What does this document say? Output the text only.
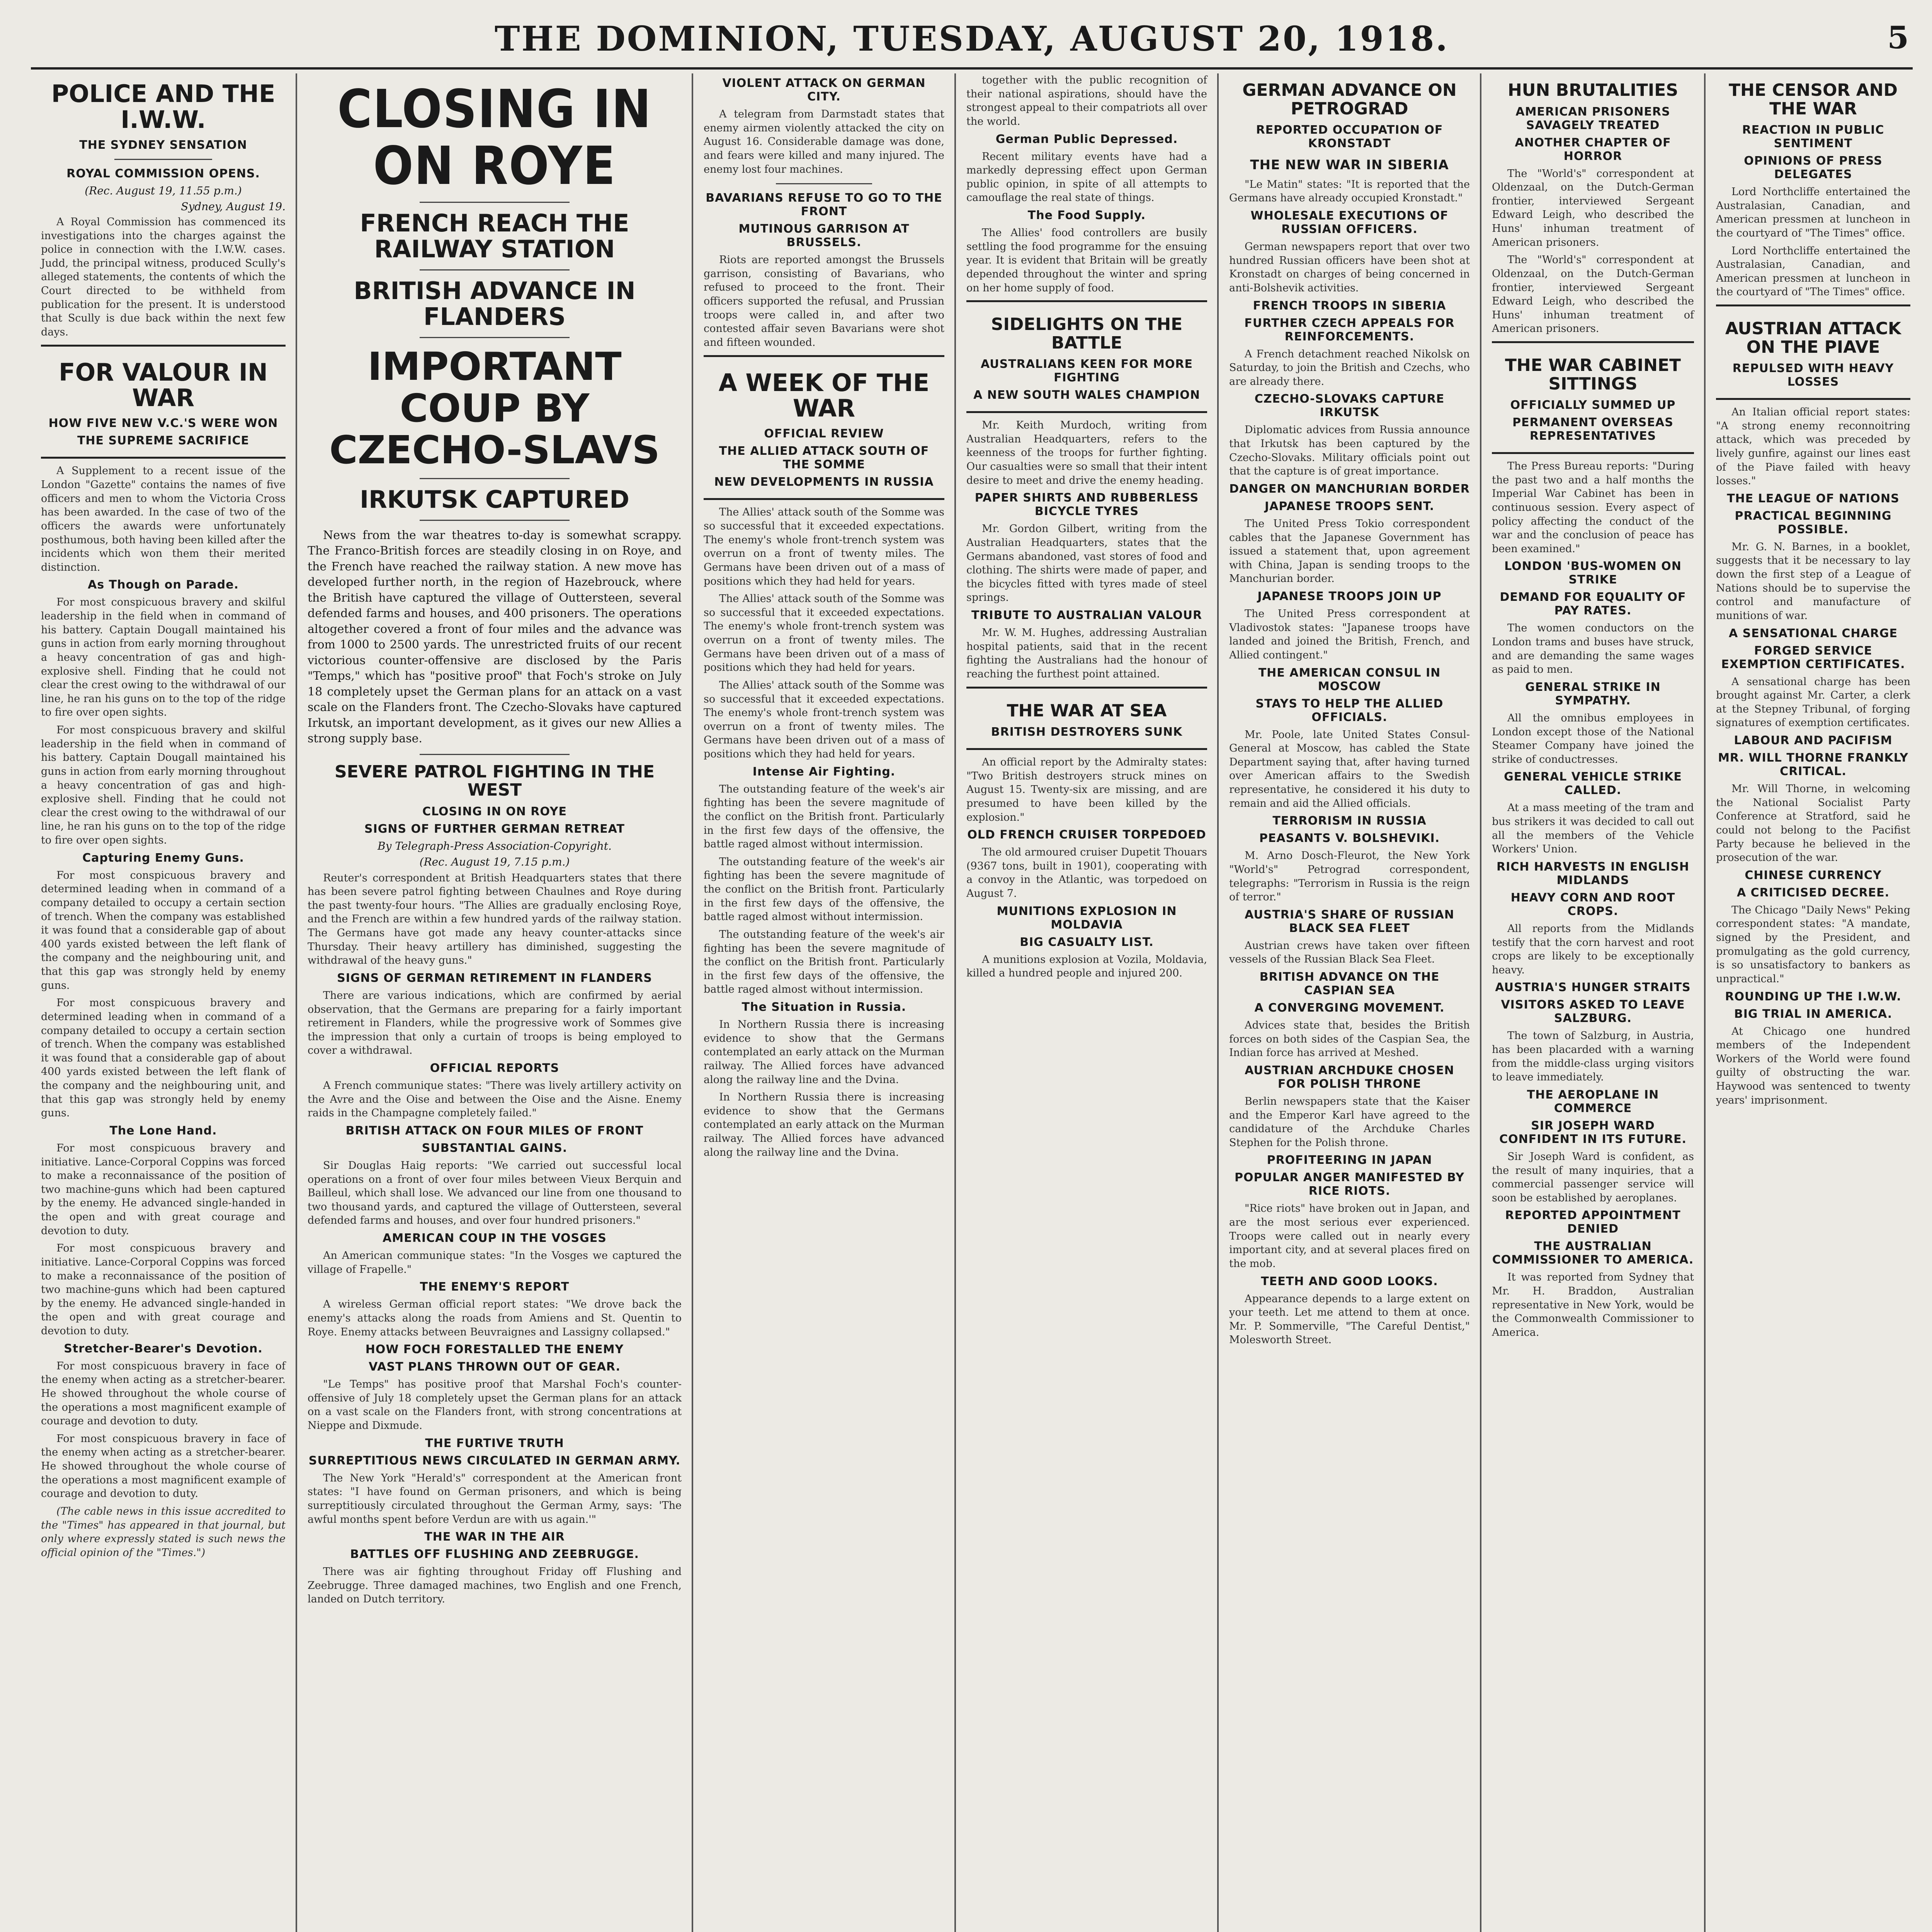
THE DOMINION, TUESDAY, AUGUST 20, 1918.	5
POLICE AND THE I.W.W.
THE SYDNEY SENSATION
ROYAL COMMISSION OPENS.
(Rec. August 19, 11.55 p.m.)
Sydney, August 19.

A Royal Commission has commenced its investigations into the charges against the police in connection with the I.W.W. cases. Judd, the principal witness, produced Scully's alleged statements, the contents of which the Court directed to be withheld from publication for the present. It is understood that Scully is due back within the next few days.

FOR VALOUR IN WAR
HOW FIVE NEW V.C.'S WERE WON
THE SUPREME SACRIFICE

A Supplement to a recent issue of the London "Gazette" contains the names of five officers and men to whom the Victoria Cross has been awarded. In the case of two of the officers the awards were unfortunately posthumous, both having been killed after the incidents which won them their merited distinction.

As Though on Parade.

For most conspicuous bravery and skilful leadership in the field when in command of his battery. Captain Dougall maintained his guns in action from early morning throughout a heavy concentration of gas and high-explosive shell. Finding that he could not clear the crest owing to the withdrawal of our line, he ran his guns on to the top of the ridge to fire over open sights.

For most conspicuous bravery and skilful leadership in the field when in command of his battery. Captain Dougall maintained his guns in action from early morning throughout a heavy concentration of gas and high-explosive shell. Finding that he could not clear the crest owing to the withdrawal of our line, he ran his guns on to the top of the ridge to fire over open sights.

Capturing Enemy Guns.

For most conspicuous bravery and determined leading when in command of a company detailed to occupy a certain section of trench. When the company was established it was found that a considerable gap of about 400 yards existed between the left flank of the company and the neighbouring unit, and that this gap was strongly held by enemy guns.

For most conspicuous bravery and determined leading when in command of a company detailed to occupy a certain section of trench. When the company was established it was found that a considerable gap of about 400 yards existed between the left flank of the company and the neighbouring unit, and that this gap was strongly held by enemy guns.

The Lone Hand.

For most conspicuous bravery and initiative. Lance-Corporal Coppins was forced to make a reconnaissance of the position of two machine-guns which had been captured by the enemy. He advanced single-handed in the open and with great courage and devotion to duty.

For most conspicuous bravery and initiative. Lance-Corporal Coppins was forced to make a reconnaissance of the position of two machine-guns which had been captured by the enemy. He advanced single-handed in the open and with great courage and devotion to duty.

Stretcher-Bearer's Devotion.

For most conspicuous bravery in face of the enemy when acting as a stretcher-bearer. He showed throughout the whole course of the operations a most magnificent example of courage and devotion to duty.

For most conspicuous bravery in face of the enemy when acting as a stretcher-bearer. He showed throughout the whole course of the operations a most magnificent example of courage and devotion to duty.

(The cable news in this issue accredited to the "Times" has appeared in that journal, but only where expressly stated is such news the official opinion of the "Times.")

CLOSING IN ON ROYE
FRENCH REACH THE RAILWAY STATION
BRITISH ADVANCE IN FLANDERS
IMPORTANT COUP BY CZECHO-SLAVS
IRKUTSK CAPTURED

News from the war theatres to-day is somewhat scrappy. The Franco-British forces are steadily closing in on Roye, and the French have reached the railway station. A new move has developed further north, in the region of Hazebrouck, where the British have captured the village of Outtersteen, several defended farms and houses, and 400 prisoners. The operations altogether covered a front of four miles and the advance was from 1000 to 2500 yards. The unrestricted fruits of our recent victorious counter-offensive are disclosed by the Paris "Temps," which has "positive proof" that Foch's stroke on July 18 completely upset the German plans for an attack on a vast scale on the Flanders front. The Czecho-Slovaks have captured Irkutsk, an important development, as it gives our new Allies a strong supply base.

SEVERE PATROL FIGHTING IN THE WEST
CLOSING IN ON ROYE
SIGNS OF FURTHER GERMAN RETREAT
By Telegraph-Press Association-Copyright.
(Rec. August 19, 7.15 p.m.)

Reuter's correspondent at British Headquarters states that there has been severe patrol fighting between Chaulnes and Roye during the past twenty-four hours. "The Allies are gradually enclosing Roye, and the French are within a few hundred yards of the railway station. The Germans have got made any heavy counter-attacks since Thursday. Their heavy artillery has diminished, suggesting the withdrawal of the heavy guns."

SIGNS OF GERMAN RETIREMENT IN FLANDERS

There are various indications, which are confirmed by aerial observation, that the Germans are preparing for a fairly important retirement in Flanders, while the progressive work of Sommes give the impression that only a curtain of troops is being employed to cover a withdrawal.

OFFICIAL REPORTS

A French communique states: "There was lively artillery activity on the Avre and the Oise and between the Oise and the Aisne. Enemy raids in the Champagne completely failed."

BRITISH ATTACK ON FOUR MILES OF FRONT
SUBSTANTIAL GAINS.

Sir Douglas Haig reports: "We carried out successful local operations on a front of over four miles between Vieux Berquin and Bailleul, which shall lose. We advanced our line from one thousand to two thousand yards, and captured the village of Outtersteen, several defended farms and houses, and over four hundred prisoners."

AMERICAN COUP IN THE VOSGES

An American communique states: "In the Vosges we captured the village of Frapelle."

THE ENEMY'S REPORT

A wireless German official report states: "We drove back the enemy's attacks along the roads from Amiens and St. Quentin to Roye. Enemy attacks between Beuvraignes and Lassigny collapsed."

HOW FOCH FORESTALLED THE ENEMY
VAST PLANS THROWN OUT OF GEAR.

"Le Temps" has positive proof that Marshal Foch's counter-offensive of July 18 completely upset the German plans for an attack on a vast scale on the Flanders front, with strong concentrations at Nieppe and Dixmude.

THE FURTIVE TRUTH
SURREPTITIOUS NEWS CIRCULATED IN GERMAN ARMY.

The New York "Herald's" correspondent at the American front states: "I have found on German prisoners, and which is being surreptitiously circulated throughout the German Army, says: 'The awful months spent before Verdun are with us again.'"

THE WAR IN THE AIR
BATTLES OFF FLUSHING AND ZEEBRUGGE.

There was air fighting throughout Friday off Flushing and Zeebrugge. Three damaged machines, two English and one French, landed on Dutch territory.

VIOLENT ATTACK ON GERMAN CITY.

A telegram from Darmstadt states that enemy airmen violently attacked the city on August 16. Considerable damage was done, and fears were killed and many injured. The enemy lost four machines.

BAVARIANS REFUSE TO GO TO THE FRONT
MUTINOUS GARRISON AT BRUSSELS.

Riots are reported amongst the Brussels garrison, consisting of Bavarians, who refused to proceed to the front. Their officers supported the refusal, and Prussian troops were called in, and after two contested affair seven Bavarians were shot and fifteen wounded.

A WEEK OF THE WAR
OFFICIAL REVIEW
THE ALLIED ATTACK SOUTH OF THE SOMME
NEW DEVELOPMENTS IN RUSSIA

The Allies' attack south of the Somme was so successful that it exceeded expectations. The enemy's whole front-trench system was overrun on a front of twenty miles. The Germans have been driven out of a mass of positions which they had held for years.

The Allies' attack south of the Somme was so successful that it exceeded expectations. The enemy's whole front-trench system was overrun on a front of twenty miles. The Germans have been driven out of a mass of positions which they had held for years.

The Allies' attack south of the Somme was so successful that it exceeded expectations. The enemy's whole front-trench system was overrun on a front of twenty miles. The Germans have been driven out of a mass of positions which they had held for years.

Intense Air Fighting.

The outstanding feature of the week's air fighting has been the severe magnitude of the conflict on the British front. Particularly in the first few days of the offensive, the battle raged almost without intermission.

The outstanding feature of the week's air fighting has been the severe magnitude of the conflict on the British front. Particularly in the first few days of the offensive, the battle raged almost without intermission.

The outstanding feature of the week's air fighting has been the severe magnitude of the conflict on the British front. Particularly in the first few days of the offensive, the battle raged almost without intermission.

The Situation in Russia.

In Northern Russia there is increasing evidence to show that the Germans contemplated an early attack on the Murman railway. The Allied forces have advanced along the railway line and the Dvina.

In Northern Russia there is increasing evidence to show that the Germans contemplated an early attack on the Murman railway. The Allied forces have advanced along the railway line and the Dvina.

together with the public recognition of their national aspirations, should have the strongest appeal to their compatriots all over the world.

German Public Depressed.

Recent military events have had a markedly depressing effect upon German public opinion, in spite of all attempts to camouflage the real state of things.

The Food Supply.

The Allies' food controllers are busily settling the food programme for the ensuing year. It is evident that Britain will be greatly depended throughout the winter and spring on her home supply of food.

SIDELIGHTS ON THE BATTLE
AUSTRALIANS KEEN FOR MORE FIGHTING
A NEW SOUTH WALES CHAMPION

Mr. Keith Murdoch, writing from Australian Headquarters, refers to the keenness of the troops for further fighting. Our casualties were so small that their intent desire to meet and drive the enemy heading.

PAPER SHIRTS AND RUBBERLESS BICYCLE TYRES

Mr. Gordon Gilbert, writing from the Australian Headquarters, states that the Germans abandoned, vast stores of food and clothing. The shirts were made of paper, and the bicycles fitted with tyres made of steel springs.

TRIBUTE TO AUSTRALIAN VALOUR

Mr. W. M. Hughes, addressing Australian hospital patients, said that in the recent fighting the Australians had the honour of reaching the furthest point attained.

THE WAR AT SEA
BRITISH DESTROYERS SUNK

An official report by the Admiralty states: "Two British destroyers struck mines on August 15. Twenty-six are missing, and are presumed to have been killed by the explosion."

OLD FRENCH CRUISER TORPEDOED

The old armoured cruiser Dupetit Thouars (9367 tons, built in 1901), cooperating with a convoy in the Atlantic, was torpedoed on August 7.

MUNITIONS EXPLOSION IN MOLDAVIA
BIG CASUALTY LIST.

A munitions explosion at Vozila, Moldavia, killed a hundred people and injured 200.

GERMAN ADVANCE ON PETROGRAD
REPORTED OCCUPATION OF KRONSTADT
THE NEW WAR IN SIBERIA

"Le Matin" states: "It is reported that the Germans have already occupied Kronstadt."

WHOLESALE EXECUTIONS OF RUSSIAN OFFICERS.

German newspapers report that over two hundred Russian officers have been shot at Kronstadt on charges of being concerned in anti-Bolshevik activities.

FRENCH TROOPS IN SIBERIA
FURTHER CZECH APPEALS FOR REINFORCEMENTS.

A French detachment reached Nikolsk on Saturday, to join the British and Czechs, who are already there.

CZECHO-SLOVAKS CAPTURE IRKUTSK

Diplomatic advices from Russia announce that Irkutsk has been captured by the Czecho-Slovaks. Military officials point out that the capture is of great importance.

DANGER ON MANCHURIAN BORDER
JAPANESE TROOPS SENT.

The United Press Tokio correspondent cables that the Japanese Government has issued a statement that, upon agreement with China, Japan is sending troops to the Manchurian border.

JAPANESE TROOPS JOIN UP

The United Press correspondent at Vladivostok states: "Japanese troops have landed and joined the British, French, and Allied contingent."

THE AMERICAN CONSUL IN MOSCOW
STAYS TO HELP THE ALLIED OFFICIALS.

Mr. Poole, late United States Consul-General at Moscow, has cabled the State Department saying that, after having turned over American affairs to the Swedish representative, he considered it his duty to remain and aid the Allied officials.

TERRORISM IN RUSSIA
PEASANTS V. BOLSHEVIKI.

M. Arno Dosch-Fleurot, the New York "World's" Petrograd correspondent, telegraphs: "Terrorism in Russia is the reign of terror."

AUSTRIA'S SHARE OF RUSSIAN BLACK SEA FLEET

Austrian crews have taken over fifteen vessels of the Russian Black Sea Fleet.

BRITISH ADVANCE ON THE CASPIAN SEA
A CONVERGING MOVEMENT.

Advices state that, besides the British forces on both sides of the Caspian Sea, the Indian force has arrived at Meshed.

AUSTRIAN ARCHDUKE CHOSEN FOR POLISH THRONE

Berlin newspapers state that the Kaiser and the Emperor Karl have agreed to the candidature of the Archduke Charles Stephen for the Polish throne.

PROFITEERING IN JAPAN
POPULAR ANGER MANIFESTED BY RICE RIOTS.

"Rice riots" have broken out in Japan, and are the most serious ever experienced. Troops were called out in nearly every important city, and at several places fired on the mob.

TEETH AND GOOD LOOKS.

Appearance depends to a large extent on your teeth. Let me attend to them at once. Mr. P. Sommerville, "The Careful Dentist," Molesworth Street.

HUN BRUTALITIES
AMERICAN PRISONERS SAVAGELY TREATED
ANOTHER CHAPTER OF HORROR

The "World's" correspondent at Oldenzaal, on the Dutch-German frontier, interviewed Sergeant Edward Leigh, who described the Huns' inhuman treatment of American prisoners.

The "World's" correspondent at Oldenzaal, on the Dutch-German frontier, interviewed Sergeant Edward Leigh, who described the Huns' inhuman treatment of American prisoners.

THE WAR CABINET SITTINGS
OFFICIALLY SUMMED UP
PERMANENT OVERSEAS REPRESENTATIVES

The Press Bureau reports: "During the past two and a half months the Imperial War Cabinet has been in continuous session. Every aspect of policy affecting the conduct of the war and the conclusion of peace has been examined."

LONDON 'BUS-WOMEN ON STRIKE
DEMAND FOR EQUALITY OF PAY RATES.

The women conductors on the London trams and buses have struck, and are demanding the same wages as paid to men.

GENERAL STRIKE IN SYMPATHY.

All the omnibus employees in London except those of the National Steamer Company have joined the strike of conductresses.

GENERAL VEHICLE STRIKE CALLED.

At a mass meeting of the tram and bus strikers it was decided to call out all the members of the Vehicle Workers' Union.

RICH HARVESTS IN ENGLISH MIDLANDS
HEAVY CORN AND ROOT CROPS.

All reports from the Midlands testify that the corn harvest and root crops are likely to be exceptionally heavy.

AUSTRIA'S HUNGER STRAITS
VISITORS ASKED TO LEAVE SALZBURG.

The town of Salzburg, in Austria, has been placarded with a warning from the middle-class urging visitors to leave immediately.

THE AEROPLANE IN COMMERCE
SIR JOSEPH WARD CONFIDENT IN ITS FUTURE.

Sir Joseph Ward is confident, as the result of many inquiries, that a commercial passenger service will soon be established by aeroplanes.

REPORTED APPOINTMENT DENIED
THE AUSTRALIAN COMMISSIONER TO AMERICA.

It was reported from Sydney that Mr. H. Braddon, Australian representative in New York, would be the Commonwealth Commissioner to America.

THE CENSOR AND THE WAR
REACTION IN PUBLIC SENTIMENT
OPINIONS OF PRESS DELEGATES

Lord Northcliffe entertained the Australasian, Canadian, and American pressmen at luncheon in the courtyard of "The Times" office.

Lord Northcliffe entertained the Australasian, Canadian, and American pressmen at luncheon in the courtyard of "The Times" office.

AUSTRIAN ATTACK ON THE PIAVE
REPULSED WITH HEAVY LOSSES

An Italian official report states: "A strong enemy reconnoitring attack, which was preceded by lively gunfire, against our lines east of the Piave failed with heavy losses."

THE LEAGUE OF NATIONS
PRACTICAL BEGINNING POSSIBLE.

Mr. G. N. Barnes, in a booklet, suggests that it be necessary to lay down the first step of a League of Nations should be to supervise the control and manufacture of munitions of war.

A SENSATIONAL CHARGE
FORGED SERVICE EXEMPTION CERTIFICATES.

A sensational charge has been brought against Mr. Carter, a clerk at the Stepney Tribunal, of forging signatures of exemption certificates.

LABOUR AND PACIFISM
MR. WILL THORNE FRANKLY CRITICAL.

Mr. Will Thorne, in welcoming the National Socialist Party Conference at Stratford, said he could not belong to the Pacifist Party because he believed in the prosecution of the war.

CHINESE CURRENCY
A CRITICISED DECREE.

The Chicago "Daily News" Peking correspondent states: "A mandate, signed by the President, and promulgating as the gold currency, is so unsatisfactory to bankers as unpractical."

ROUNDING UP THE I.W.W.
BIG TRIAL IN AMERICA.

At Chicago one hundred members of the Independent Workers of the World were found guilty of obstructing the war. Haywood was sentenced to twenty years' imprisonment.
